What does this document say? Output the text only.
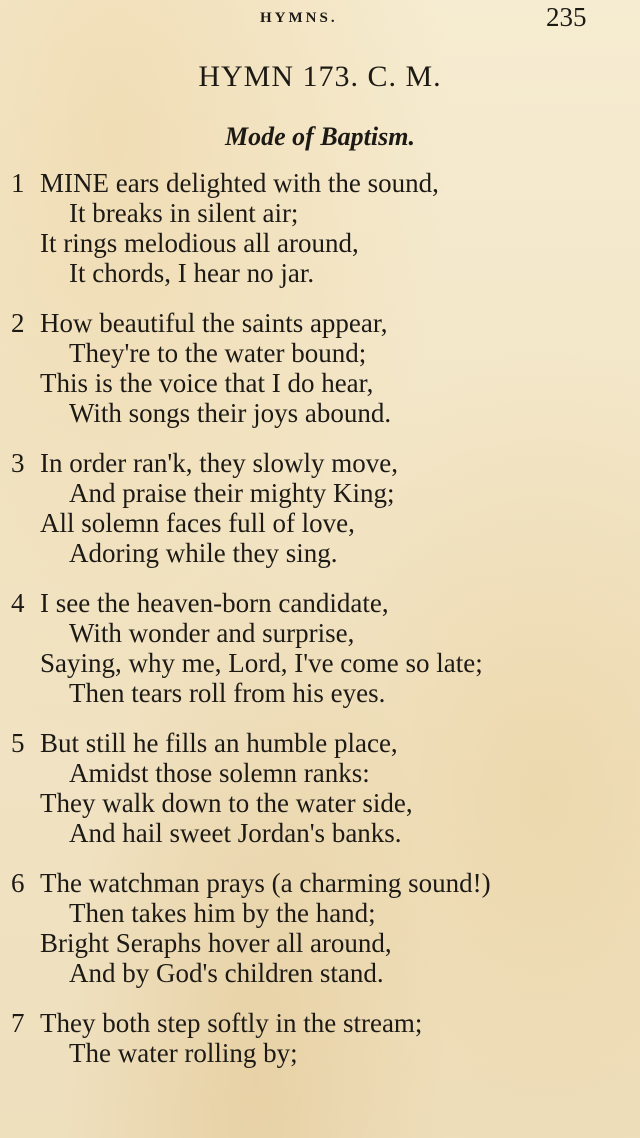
HYMNS.	235
HYMN 173. C. M.
Mode of Baptism.
1 MINE ears delighted with the sound,
It breaks in silent air;
It rings melodious all around,
It chords, I hear no jar.
2 How beautiful the saints appear,
They're to the water bound;
This is the voice that I do hear,
With songs their joys abound.
3 In order ran'k, they slowly move,
And praise their mighty King;
All solemn faces full of love,
Adoring while they sing.
4 I see the heaven-born candidate,
With wonder and surprise,
Saying, why me, Lord, I've come so late;
Then tears roll from his eyes.
5 But still he fills an humble place,
Amidst those solemn ranks:
They walk down to the water side,
And hail sweet Jordan's banks.
6 The watchman prays (a charming sound!)
Then takes him by the hand;
Bright Seraphs hover all around,
And by God's children stand.
7 They both step softly in the stream;
The water rolling by;
